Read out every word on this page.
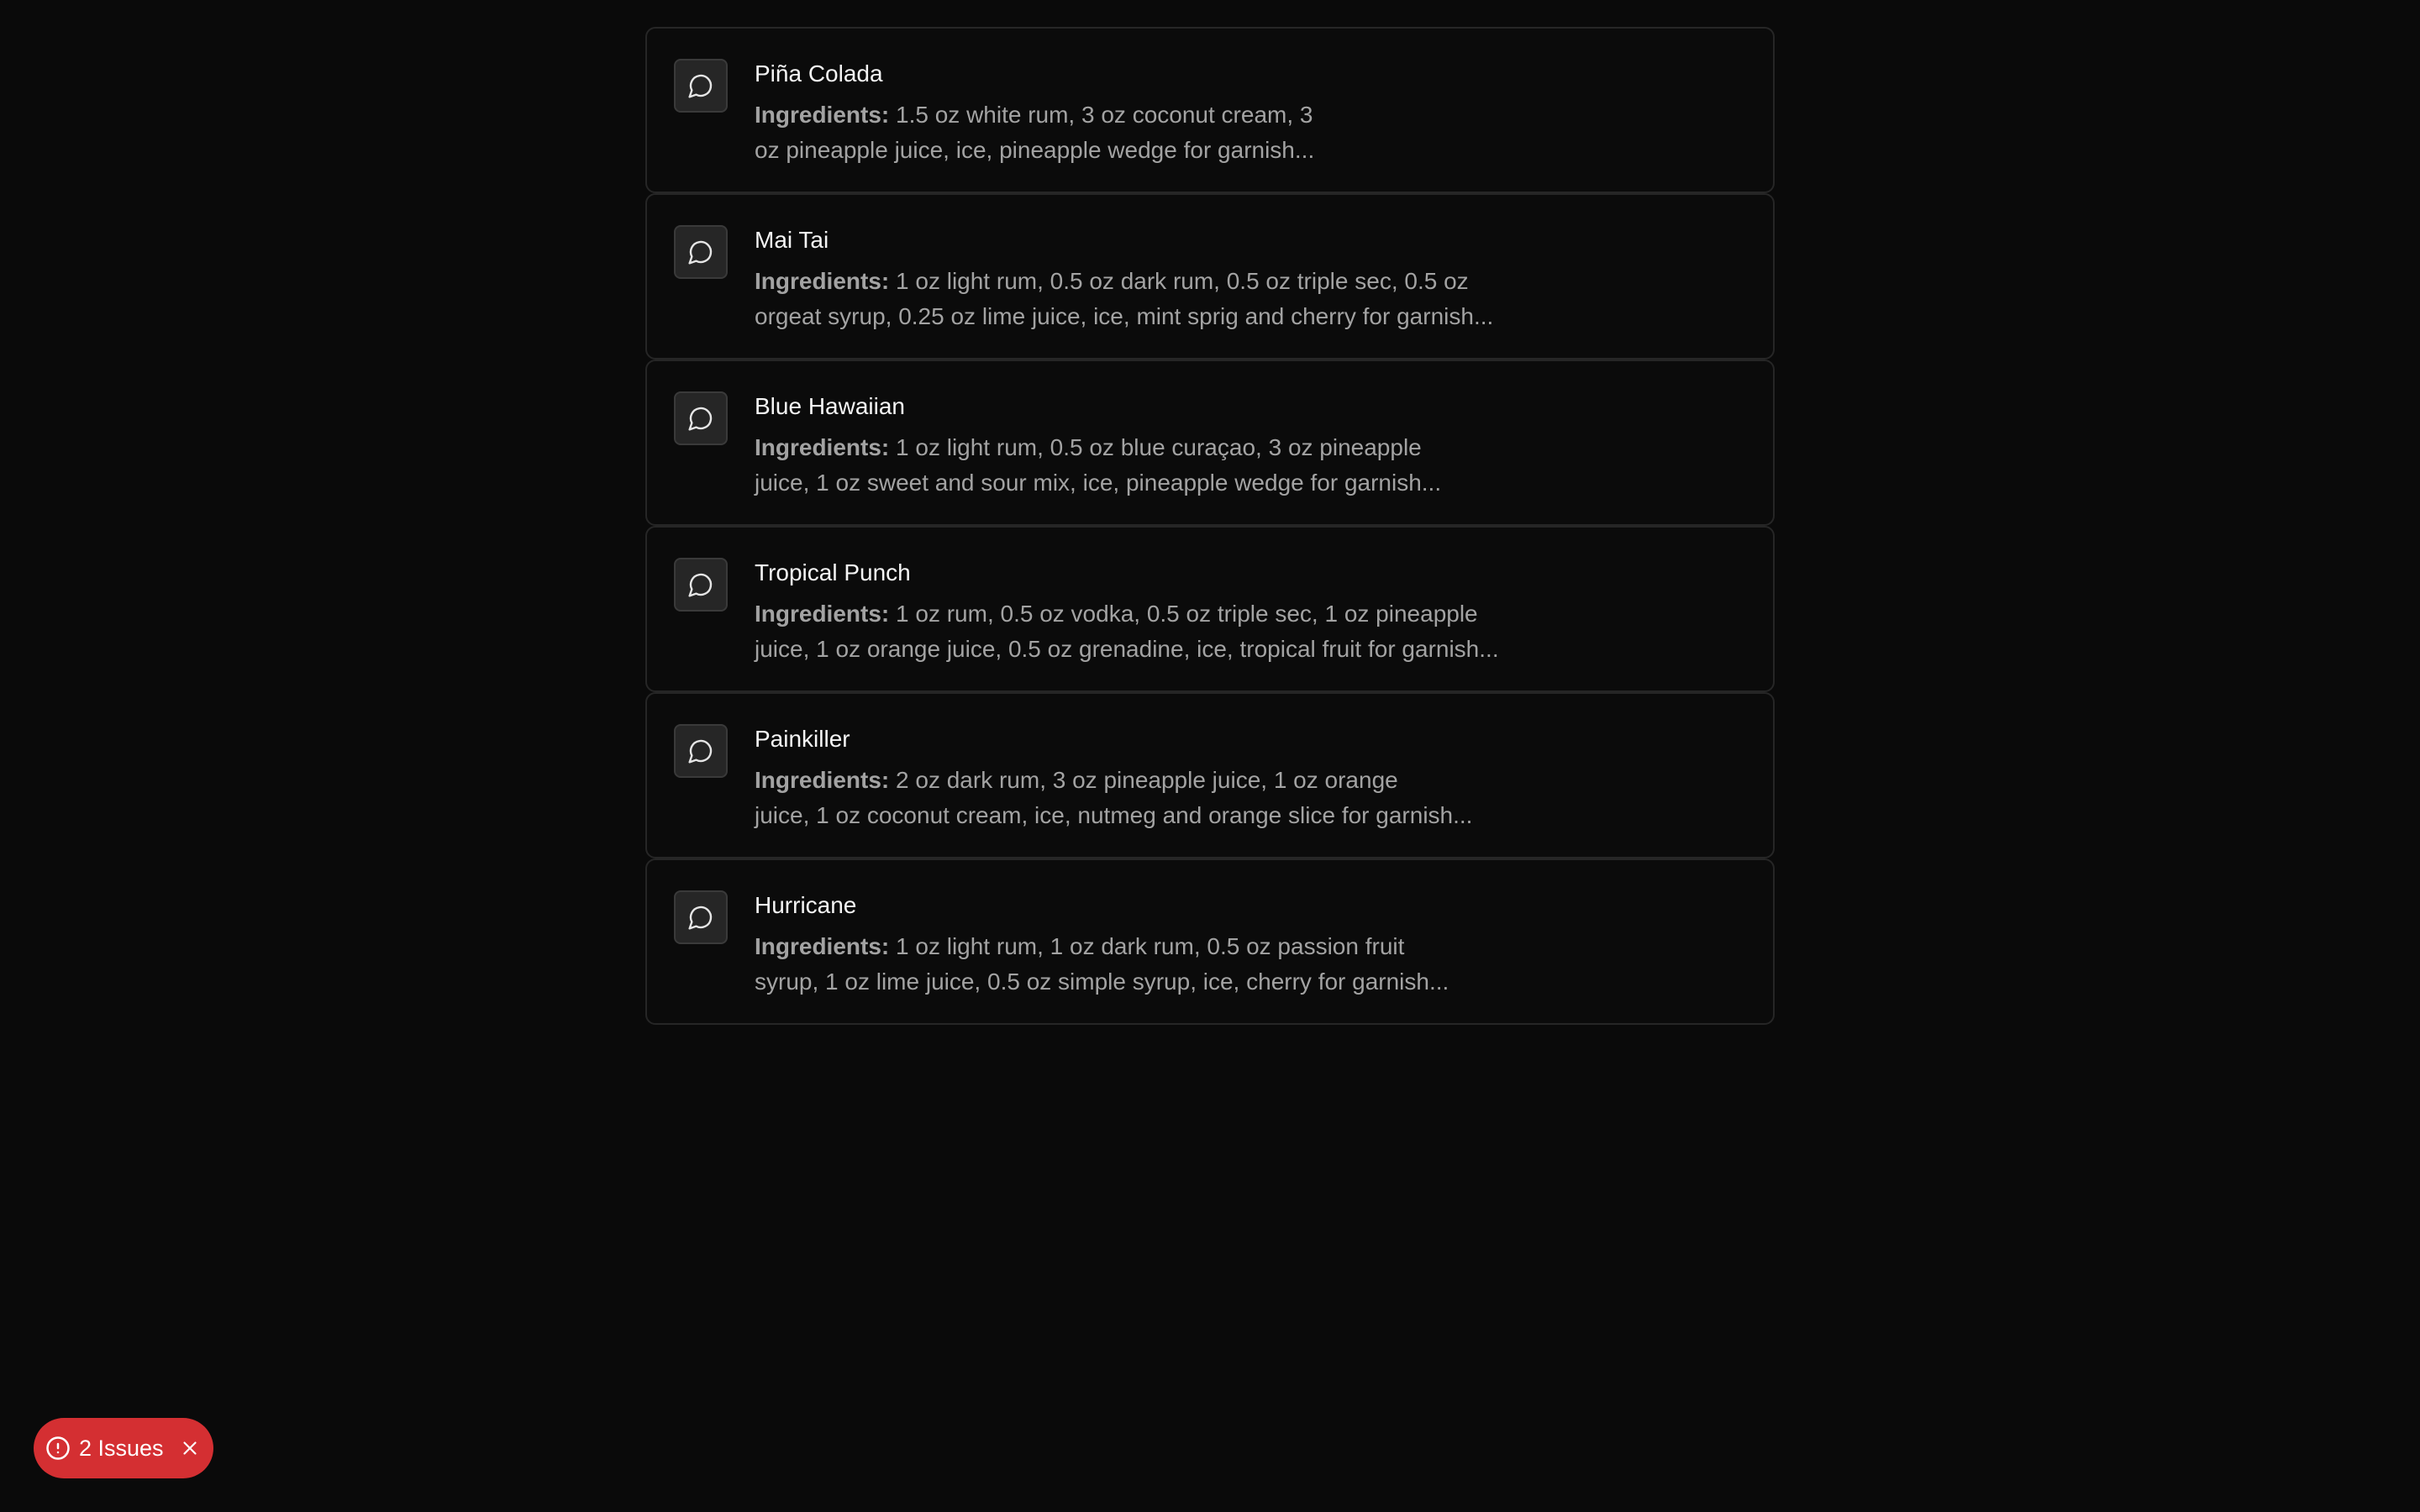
Piña Colada
Ingredients: 1.5 oz white rum, 3 oz coconut cream, 3
oz pineapple juice, ice, pineapple wedge for garnish...
Mai Tai
Ingredients: 1 oz light rum, 0.5 oz dark rum, 0.5 oz triple sec, 0.5 oz
orgeat syrup, 0.25 oz lime juice, ice, mint sprig and cherry for garnish...
Blue Hawaiian
Ingredients: 1 oz light rum, 0.5 oz blue curaçao, 3 oz pineapple
juice, 1 oz sweet and sour mix, ice, pineapple wedge for garnish...
Tropical Punch
Ingredients: 1 oz rum, 0.5 oz vodka, 0.5 oz triple sec, 1 oz pineapple
juice, 1 oz orange juice, 0.5 oz grenadine, ice, tropical fruit for garnish...
Painkiller
Ingredients: 2 oz dark rum, 3 oz pineapple juice, 1 oz orange
juice, 1 oz coconut cream, ice, nutmeg and orange slice for garnish...
Hurricane
Ingredients: 1 oz light rum, 1 oz dark rum, 0.5 oz passion fruit
syrup, 1 oz lime juice, 0.5 oz simple syrup, ice, cherry for garnish...
2 Issues
